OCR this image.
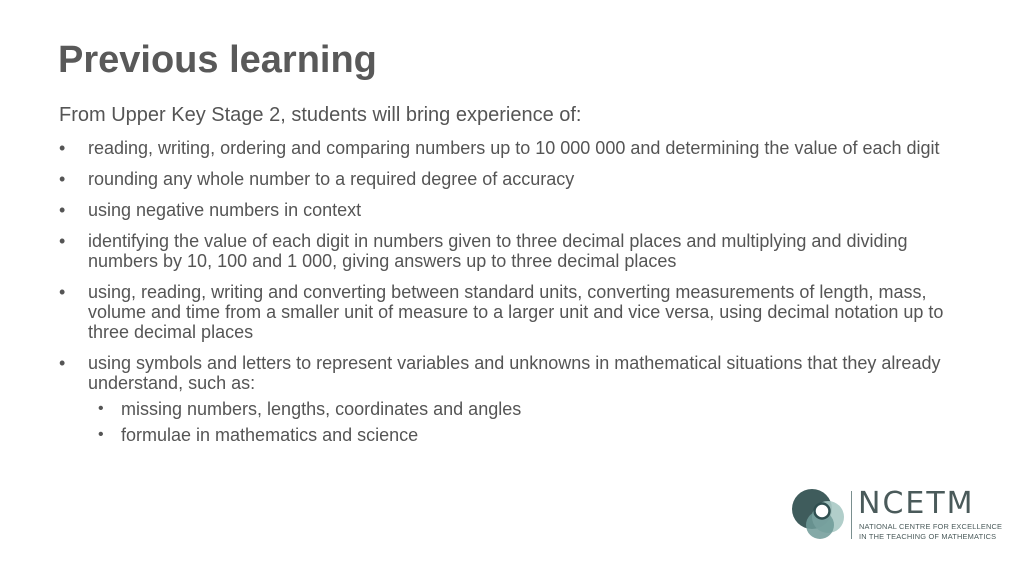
Previous learning

From Upper Key Stage 2, students will bring experience of:

• reading, writing, ordering and comparing numbers up to 10 000 000 and determining the value of each digit
• rounding any whole number to a required degree of accuracy
• using negative numbers in context
• identifying the value of each digit in numbers given to three decimal places and multiplying and dividing numbers by 10, 100 and 1 000, giving answers up to three decimal places
• using, reading, writing and converting between standard units, converting measurements of length, mass, volume and time from a smaller unit of measure to a larger unit and vice versa, using decimal notation up to three decimal places
• using symbols and letters to represent variables and unknowns in mathematical situations that they already understand, such as:
• missing numbers, lengths, coordinates and angles
• formulae in mathematics and science
NCETM
NATIONAL CENTRE FOR EXCELLENCE
IN THE TEACHING OF MATHEMATICS
